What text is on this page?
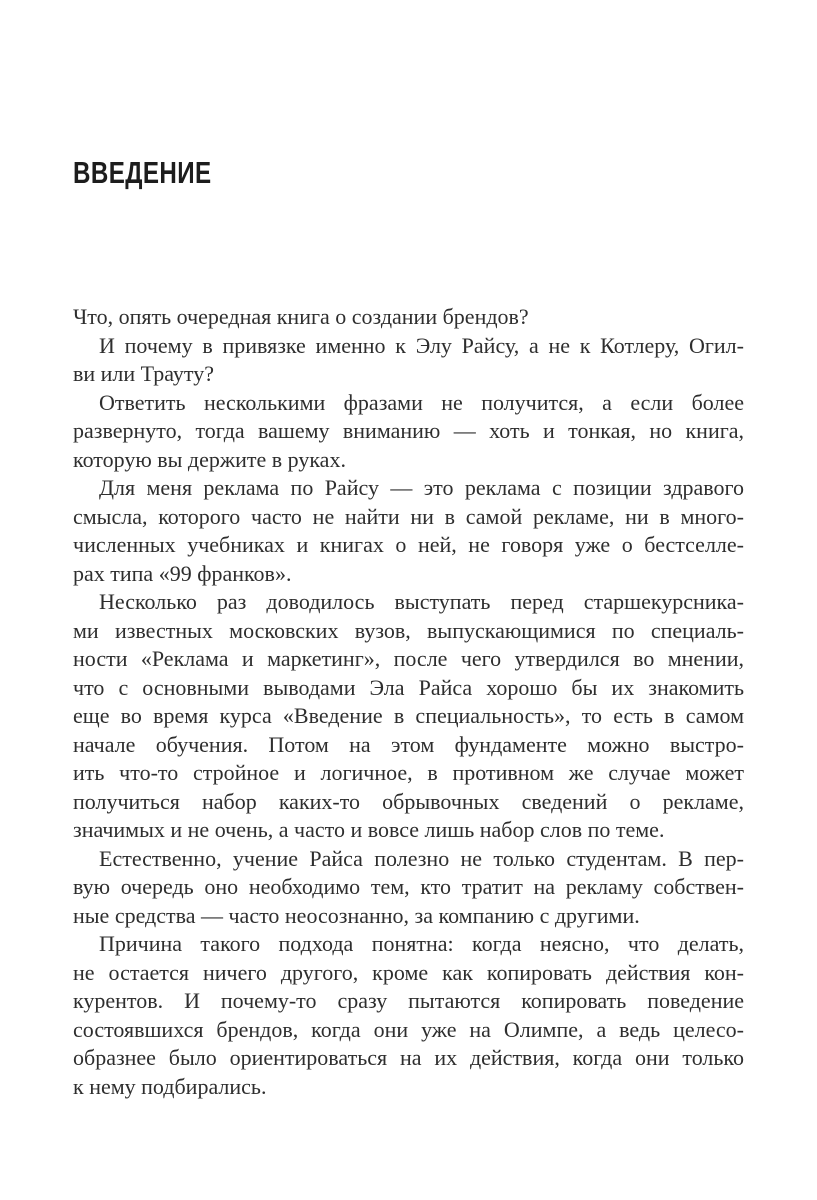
ВВЕДЕНИЕ
Что, опять очередная книга о создании брендов?
И почему в привязке именно к Элу Райсу, а не к Котлеру, Огил-
ви или Трауту?
Ответить несколькими фразами не получится, а если более
развернуто, тогда вашему вниманию — хоть и тонкая, но книга,
которую вы держите в руках.
Для меня реклама по Райсу — это реклама с позиции здравого
смысла, которого часто не найти ни в самой рекламе, ни в много-
численных учебниках и книгах о ней, не говоря уже о бестселле-
рах типа «99 франков».
Несколько раз доводилось выступать перед старшекурсника-
ми известных московских вузов, выпускающимися по специаль-
ности «Реклама и маркетинг», после чего утвердился во мнении,
что с основными выводами Эла Райса хорошо бы их знакомить
еще во время курса «Введение в специальность», то есть в самом
начале обучения. Потом на этом фундаменте можно выстро-
ить что-то стройное и логичное, в противном же случае может
получиться набор каких-то обрывочных сведений о рекламе,
значимых и не очень, а часто и вовсе лишь набор слов по теме.
Естественно, учение Райса полезно не только студентам. В пер-
вую очередь оно необходимо тем, кто тратит на рекламу собствен-
ные средства — часто неосознанно, за компанию с другими.
Причина такого подхода понятна: когда неясно, что делать,
не остается ничего другого, кроме как копировать действия кон-
курентов. И почему-то сразу пытаются копировать поведение
состоявшихся брендов, когда они уже на Олимпе, а ведь целесо-
образнее было ориентироваться на их действия, когда они только
к нему подбирались.
